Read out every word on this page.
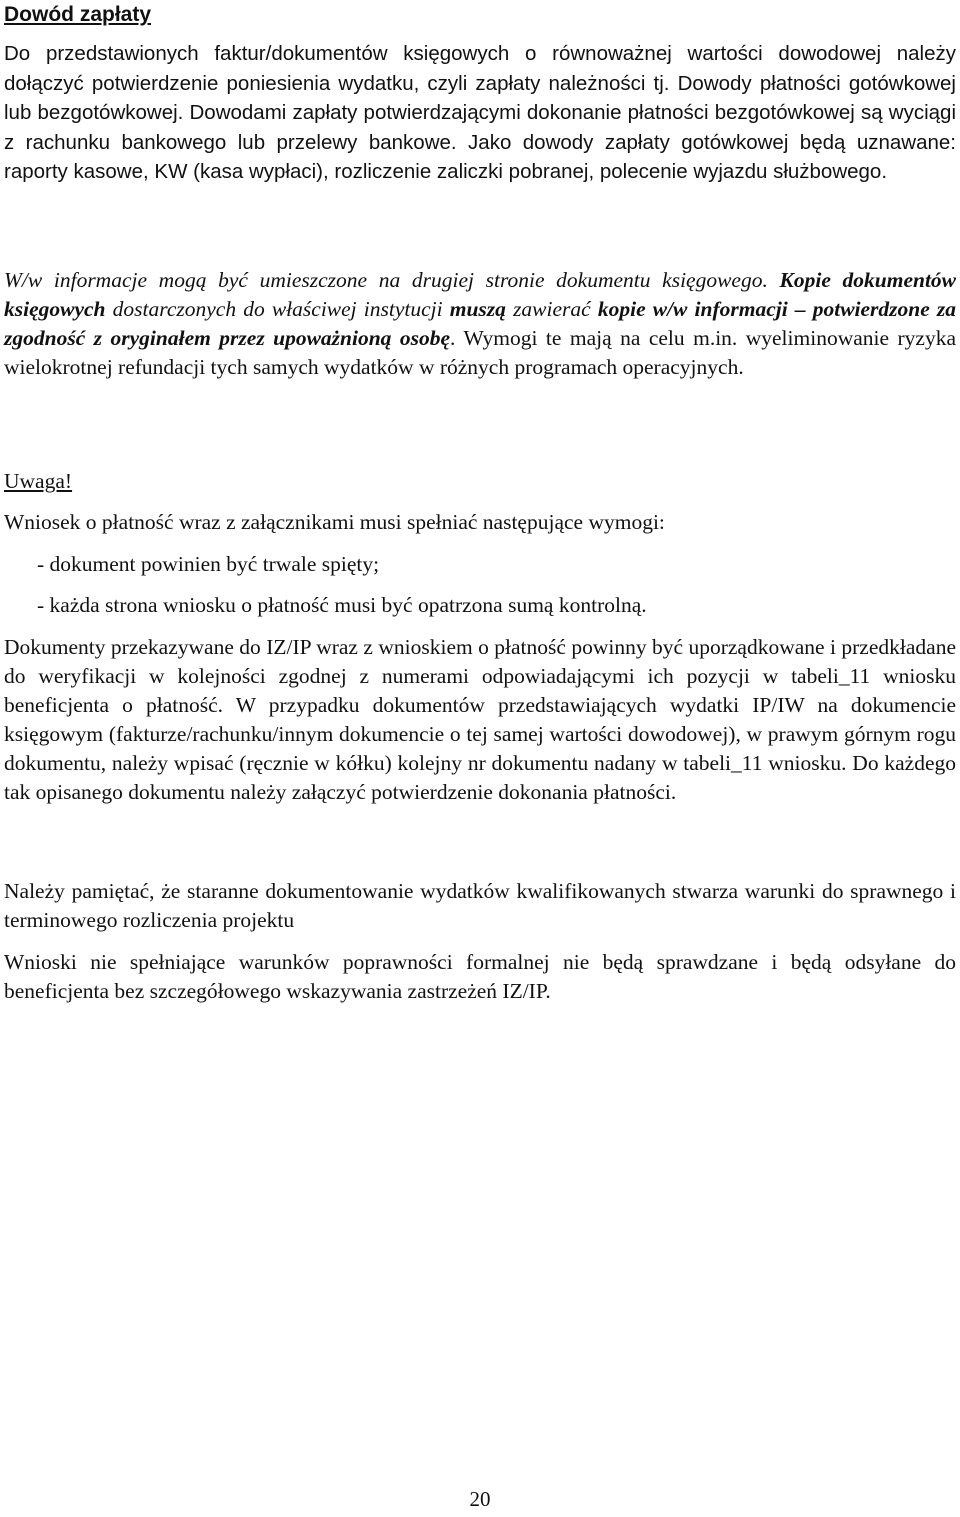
Dowód zapłaty

Do przedstawionych faktur/dokumentów księgowych o równoważnej wartości dowodowej należy dołączyć potwierdzenie poniesienia wydatku, czyli zapłaty należności tj. Dowody płatności gotówkowej lub bezgotówkowej. Dowodami zapłaty potwierdzającymi dokonanie płatności bezgotówkowej są wyciągi z rachunku bankowego lub przelewy bankowe. Jako dowody zapłaty gotówkowej będą uznawane: raporty kasowe, KW (kasa wypłaci), rozliczenie zaliczki pobranej, polecenie wyjazdu służbowego.

W/w informacje mogą być umieszczone na drugiej stronie dokumentu księgowego. Kopie dokumentów księgowych dostarczonych do właściwej instytucji muszą zawierać kopie w/w informacji – potwierdzone za zgodność z oryginałem przez upoważnioną osobę. Wymogi te mają na celu m.in. wyeliminowanie ryzyka wielokrotnej refundacji tych samych wydatków w różnych programach operacyjnych.

Uwaga!

Wniosek o płatność wraz z załącznikami musi spełniać następujące wymogi:

- dokument powinien być trwale spięty;

- każda strona wniosku o płatność musi być opatrzona sumą kontrolną.

Dokumenty przekazywane do IZ/IP wraz z wnioskiem o płatność powinny być uporządkowane i przedkładane do weryfikacji w kolejności zgodnej z numerami odpowiadającymi ich pozycji w tabeli_11 wniosku beneficjenta o płatność. W przypadku dokumentów przedstawiających wydatki IP/IW na dokumencie księgowym (fakturze/rachunku/innym dokumencie o tej samej wartości dowodowej), w prawym górnym rogu dokumentu, należy wpisać (ręcznie w kółku) kolejny nr dokumentu nadany w tabeli_11 wniosku. Do każdego tak opisanego dokumentu należy załączyć potwierdzenie dokonania płatności.

Należy pamiętać, że staranne dokumentowanie wydatków kwalifikowanych stwarza warunki do sprawnego i terminowego rozliczenia projektu

Wnioski nie spełniające warunków poprawności formalnej nie będą sprawdzane i będą odsyłane do beneficjenta bez szczegółowego wskazywania zastrzeżeń IZ/IP.

20
